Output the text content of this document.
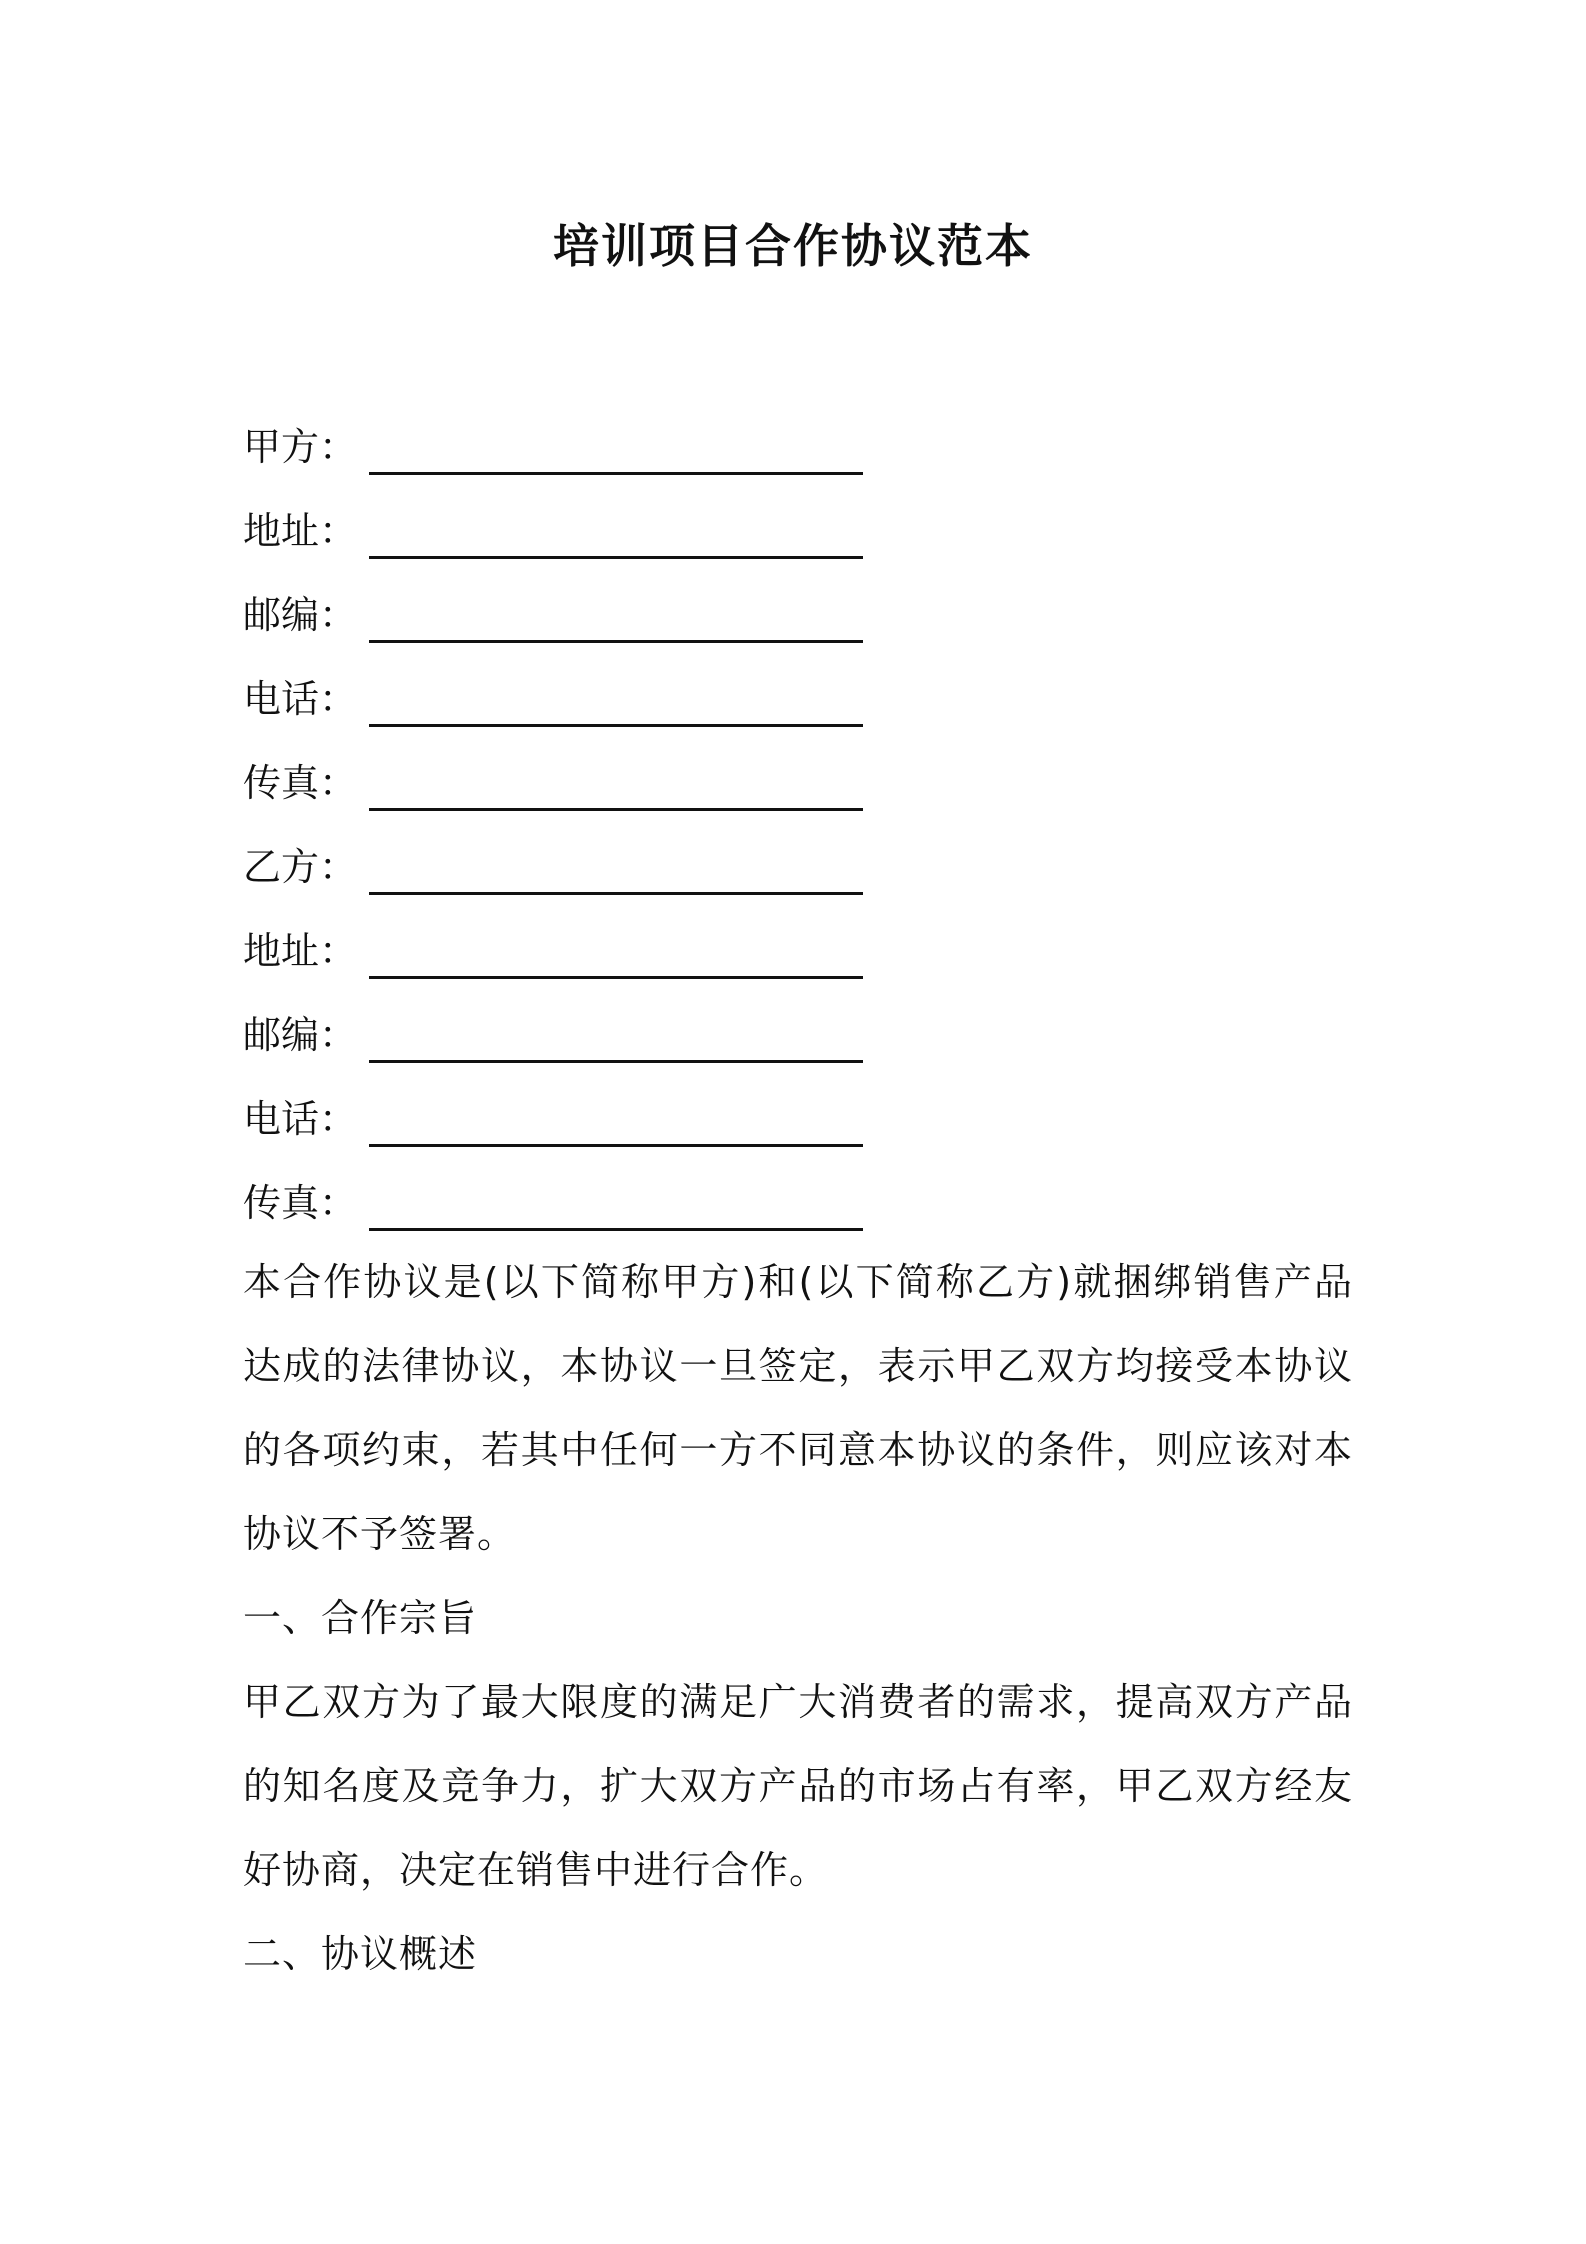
培训项目合作协议范本
甲方：
地址：
邮编：
电话：
传真：
乙方：
地址：
邮编：
电话：
传真：

本合作协议是(以下简称甲方)和(以下简称乙方)就捆绑销售产品达成的法律协议，本协议一旦签定，表示甲乙双方均接受本协议的各项约束，若其中任何一方不同意本协议的条件，则应该对本协议不予签署。

一、合作宗旨

甲乙双方为了最大限度的满足广大消费者的需求，提高双方产品的知名度及竞争力，扩大双方产品的市场占有率，甲乙双方经友好协商，决定在销售中进行合作。

二、协议概述
